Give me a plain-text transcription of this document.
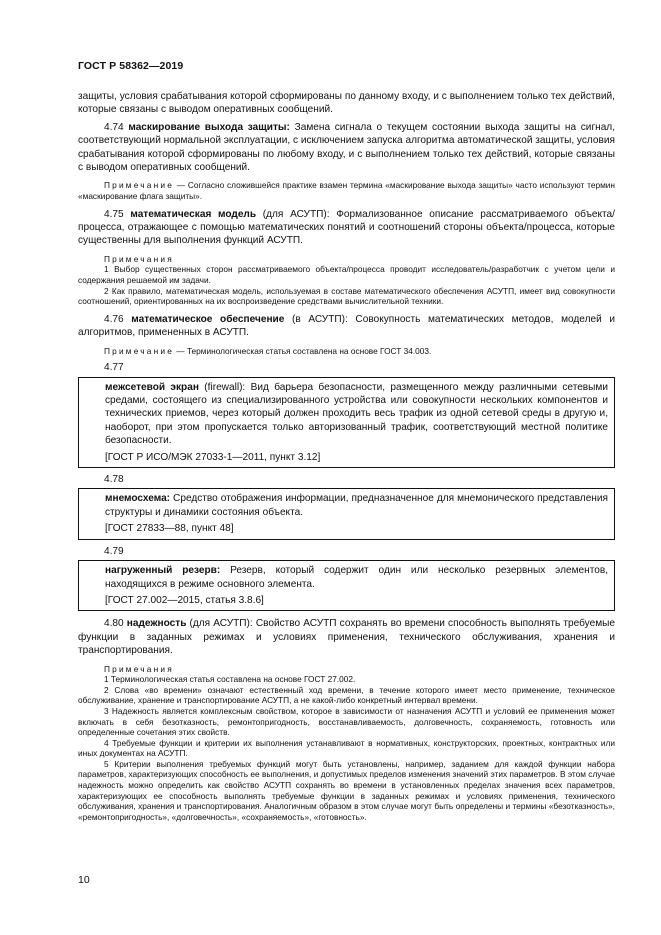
ГОСТ Р 58362—2019

защиты, условия срабатывания которой сформированы по данному входу, и с выполнением только тех действий, которые связаны с выводом оперативных сообщений.

4.74 маскирование выхода защиты: Замена сигнала о текущем состоянии выхода защиты на сигнал, соответствующий нормальной эксплуатации, с исключением запуска алгоритма автоматической защиты, условия срабатывания которой сформированы по любому входу, и с выполнением только тех действий, которые связаны с выводом оперативных сообщений.

Примечание — Согласно сложившейся практике взамен термина «маскирование выхода защиты» часто используют термин «маскирование флага защиты».

4.75 математическая модель (для АСУТП): Формализованное описание рассматриваемого объекта/процесса, отражающее с помощью математических понятий и соотношений стороны объекта/процесса, которые существенны для выполнения функций АСУТП.

Примечания

1 Выбор существенных сторон рассматриваемого объекта/процесса проводит исследователь/разработчик с учетом цели и содержания решаемой им задачи.

2 Как правило, математическая модель, используемая в составе математического обеспечения АСУТП, имеет вид совокупности соотношений, ориентированных на их воспроизведение средствами вычислительной техники.

4.76 математическое обеспечение (в АСУТП): Совокупность математических методов, моделей и алгоритмов, примененных в АСУТП.

Примечание — Терминологическая статья составлена на основе ГОСТ 34.003.

4.77

межсетевой экран (firewall): Вид барьера безопасности, размещенного между различными сетевыми средами, состоящего из специализированного устройства или совокупности нескольких компонентов и технических приемов, через который должен проходить весь трафик из одной сетевой среды в другую и, наоборот, при этом пропускается только авторизованный трафик, соответствующий местной политике безопасности.

[ГОСТ Р ИСО/МЭК 27033-1—2011, пункт 3.12]

4.78

мнемосхема: Средство отображения информации, предназначенное для мнемонического представления структуры и динамики состояния объекта.

[ГОСТ 27833—88, пункт 48]

4.79

нагруженный резерв: Резерв, который содержит один или несколько резервных элементов, находящихся в режиме основного элемента.

[ГОСТ 27.002—2015, статья 3.8.6]

4.80 надежность (для АСУТП): Свойство АСУТП сохранять во времени способность выполнять требуемые функции в заданных режимах и условиях применения, технического обслуживания, хранения и транспортирования.

Примечания

1 Терминологическая статья составлена на основе ГОСТ 27.002.

2 Слова «во времени» означают естественный ход времени, в течение которого имеет место применение, техническое обслуживание, хранение и транспортирование АСУТП, а не какой-либо конкретный интервал времени.

3 Надежность является комплексным свойством, которое в зависимости от назначения АСУТП и условий ее применения может включать в себя безотказность, ремонтопригодность, восстанавливаемость, долговечность, сохраняемость, готовность или определенные сочетания этих свойств.

4 Требуемые функции и критерии их выполнения устанавливают в нормативных, конструкторских, проектных, контрактных или иных документах на АСУТП.

5 Критерии выполнения требуемых функций могут быть установлены, например, заданием для каждой функции набора параметров, характеризующих способность ее выполнения, и допустимых пределов изменения значений этих параметров. В этом случае надежность можно определить как свойство АСУТП сохранять во времени в установленных пределах значения всех параметров, характеризующих ее способность выполнять требуемые функции в заданных режимах и условиях применения, технического обслуживания, хранения и транспортирования. Аналогичным образом в этом случае могут быть определены и термины «безотказность», «ремонтопригодность», «долговечность», «сохраняемость», «готовность».

10
